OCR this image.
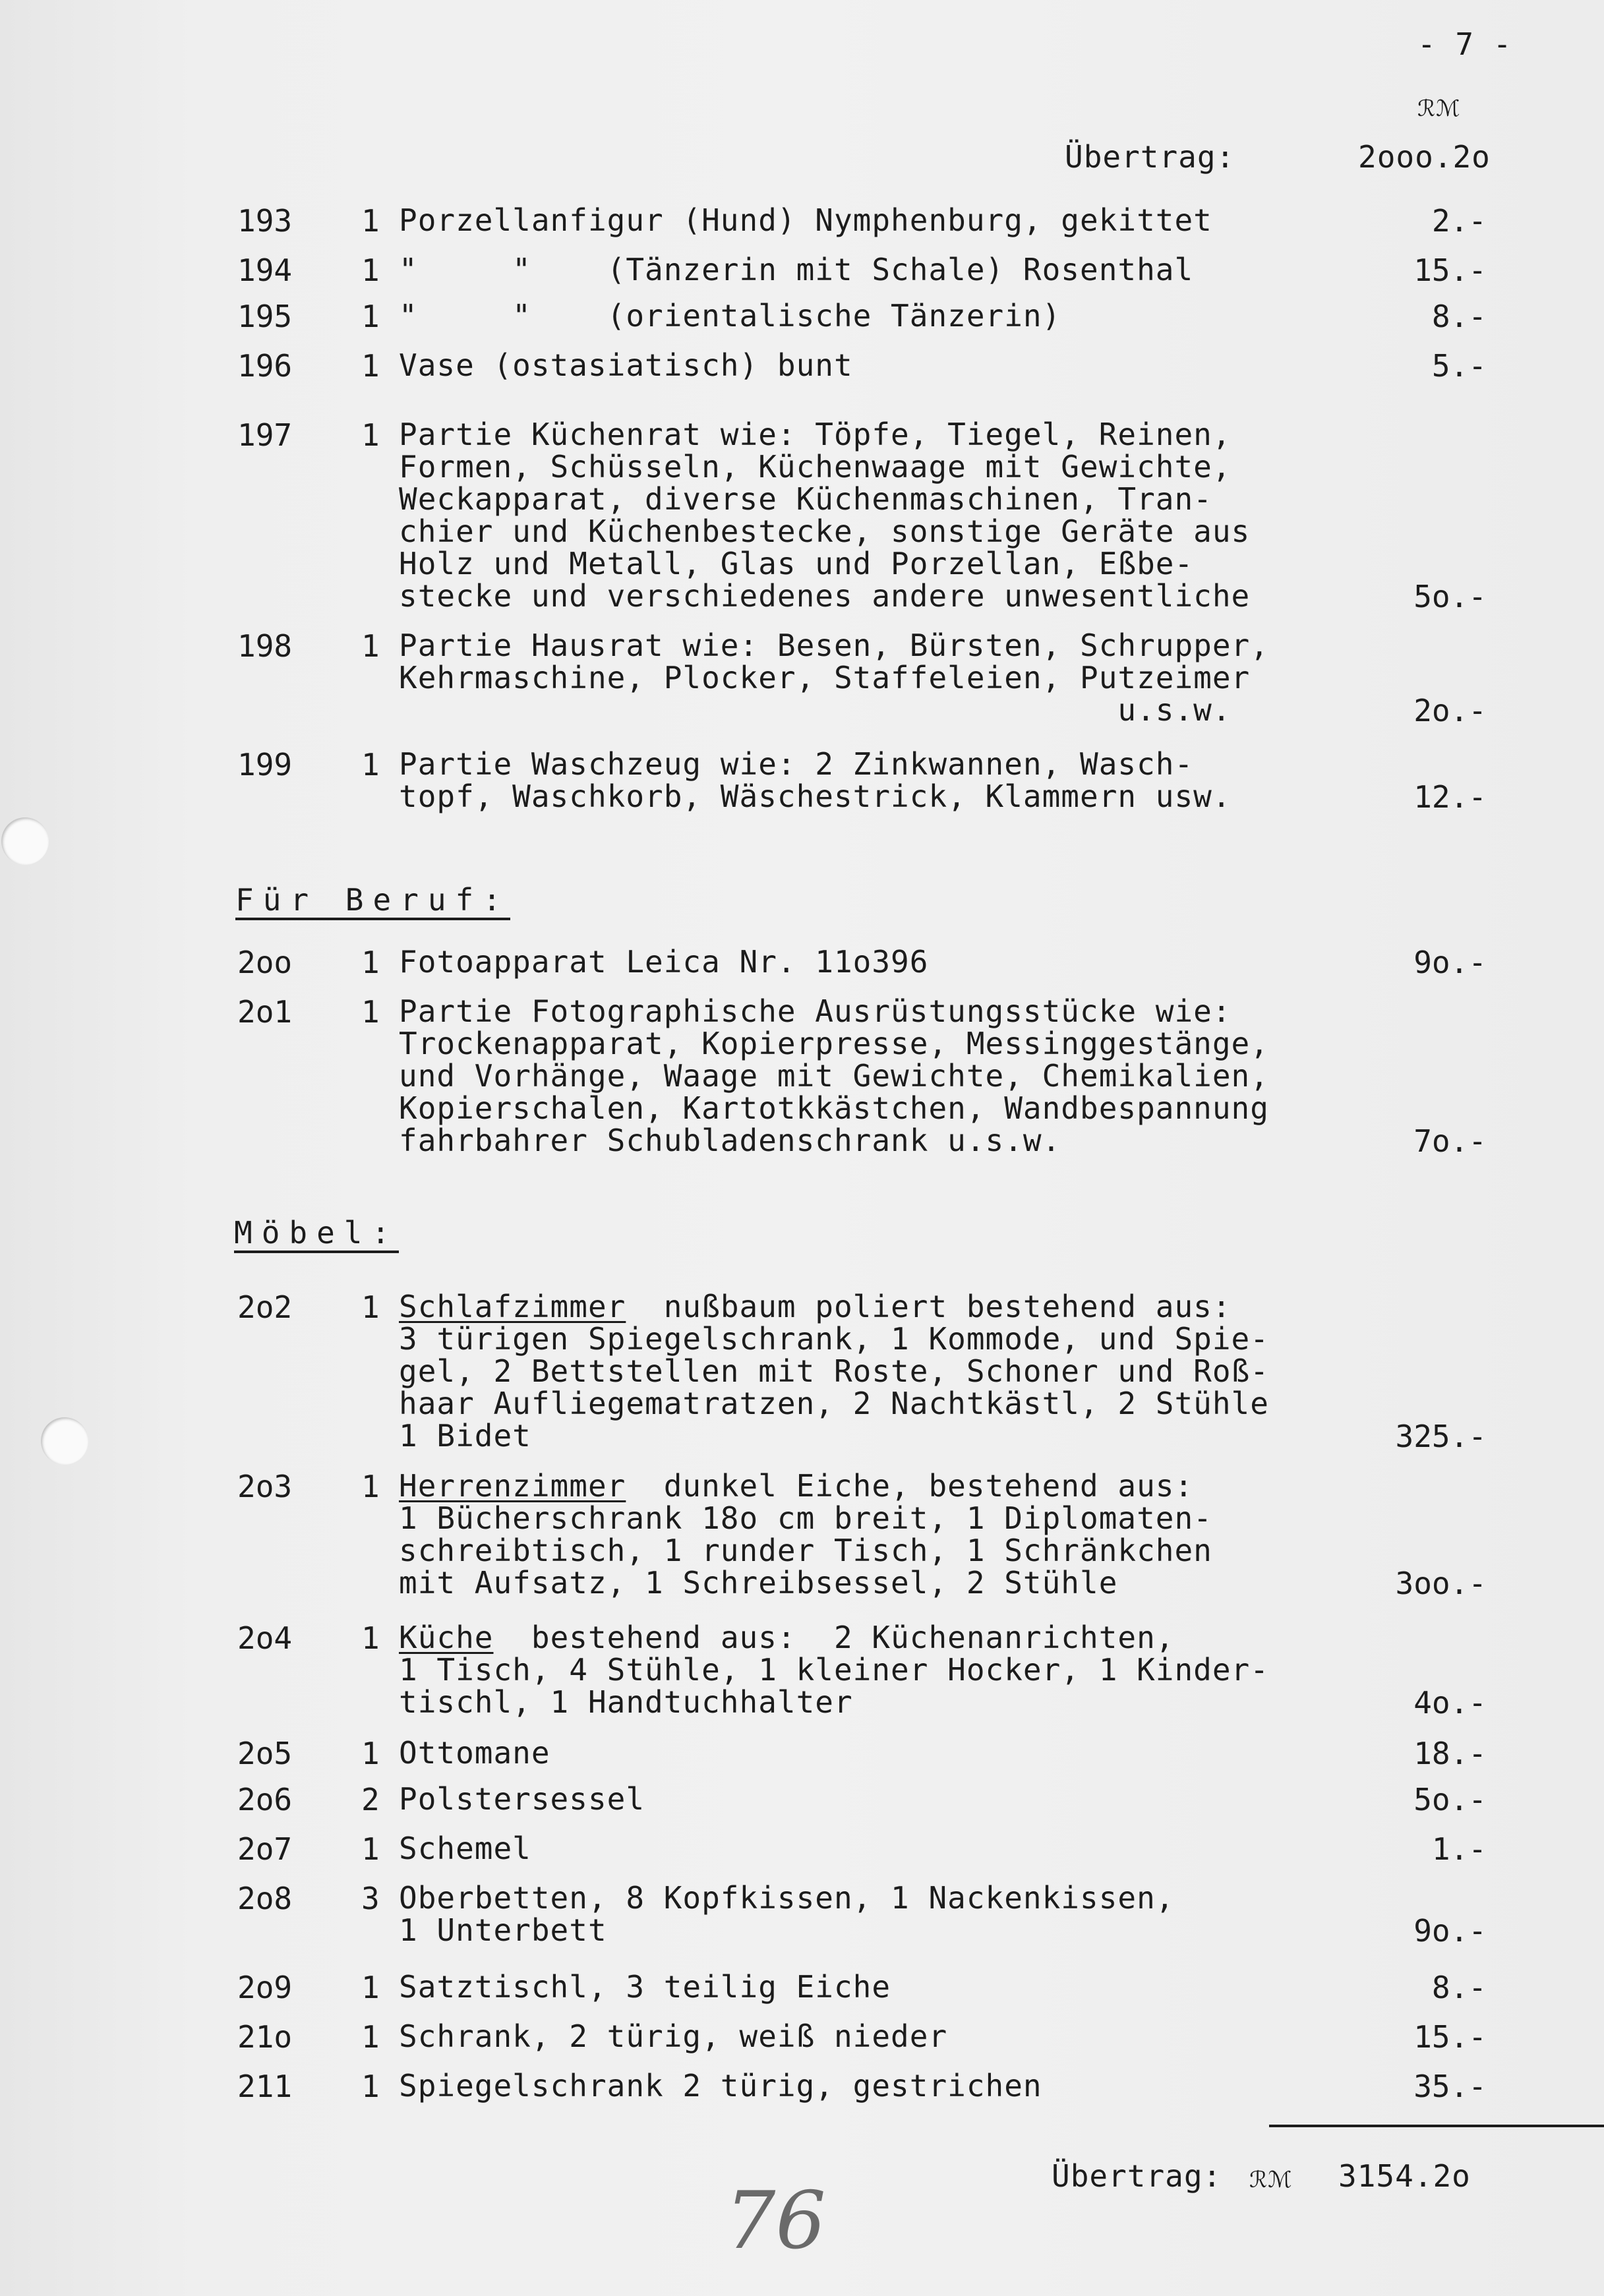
- 7 -
ℛℳ
Übertrag:	2ooo.2o
193 1 Porzellanfigur (Hund) Nymphenburg, gekittet	2.-
194 1 "     "    (Tänzerin mit Schale) Rosenthal	15.-
195 1 "     "    (orientalische Tänzerin)	8.-
196 1 Vase (ostasiatisch) bunt	5.-
197 1 Partie Küchenrat wie: Töpfe, Tiegel, Reinen,
Formen, Schüsseln, Küchenwaage mit Gewichte,
Weckapparat, diverse Küchenmaschinen, Tran-
chier und Küchenbestecke, sonstige Geräte aus
Holz und Metall, Glas und Porzellan, Eßbe-
stecke und verschiedenes andere unwesentliche	5o.-
198 1 Partie Hausrat wie: Besen, Bürsten, Schrupper,
Kehrmaschine, Plocker, Staffeleien, Putzeimer
u.s.w.	2o.-
199 1 Partie Waschzeug wie: 2 Zinkwannen, Wasch-
topf, Waschkorb, Wäschestrick, Klammern usw.	12.-
Für Beruf:
2oo 1 Fotoapparat Leica Nr. 11o396	9o.-
2o1 1 Partie Fotographische Ausrüstungsstücke wie:
Trockenapparat, Kopierpresse, Messinggestänge,
und Vorhänge, Waage mit Gewichte, Chemikalien,
Kopierschalen, Kartotkkästchen, Wandbespannung
fahrbahrer Schubladenschrank u.s.w.	7o.-
Möbel:
2o2 1 Schlafzimmer  nußbaum poliert bestehend aus:
3 türigen Spiegelschrank, 1 Kommode, und Spie-
gel, 2 Bettstellen mit Roste, Schoner und Roß-
haar Aufliegematratzen, 2 Nachtkästl, 2 Stühle
1 Bidet	325.-
2o3 1 Herrenzimmer  dunkel Eiche, bestehend aus:
1 Bücherschrank 18o cm breit, 1 Diplomaten-
schreibtisch, 1 runder Tisch, 1 Schränkchen
mit Aufsatz, 1 Schreibsessel, 2 Stühle	3oo.-
2o4 1 Küche  bestehend aus:  2 Küchenanrichten,
1 Tisch, 4 Stühle, 1 kleiner Hocker, 1 Kinder-
tischl, 1 Handtuchhalter	4o.-
2o5 1 Ottomane	18.-
2o6 2 Polstersessel	5o.-
2o7 1 Schemel	1.-
2o8 3 Oberbetten, 8 Kopfkissen, 1 Nackenkissen,
1 Unterbett	9o.-
2o9 1 Satztischl, 3 teilig Eiche	8.-
21o 1 Schrank, 2 türig, weiß nieder	15.-
211 1 Spiegelschrank 2 türig, gestrichen	35.-
Übertrag: ℛℳ 3154.2o
76
